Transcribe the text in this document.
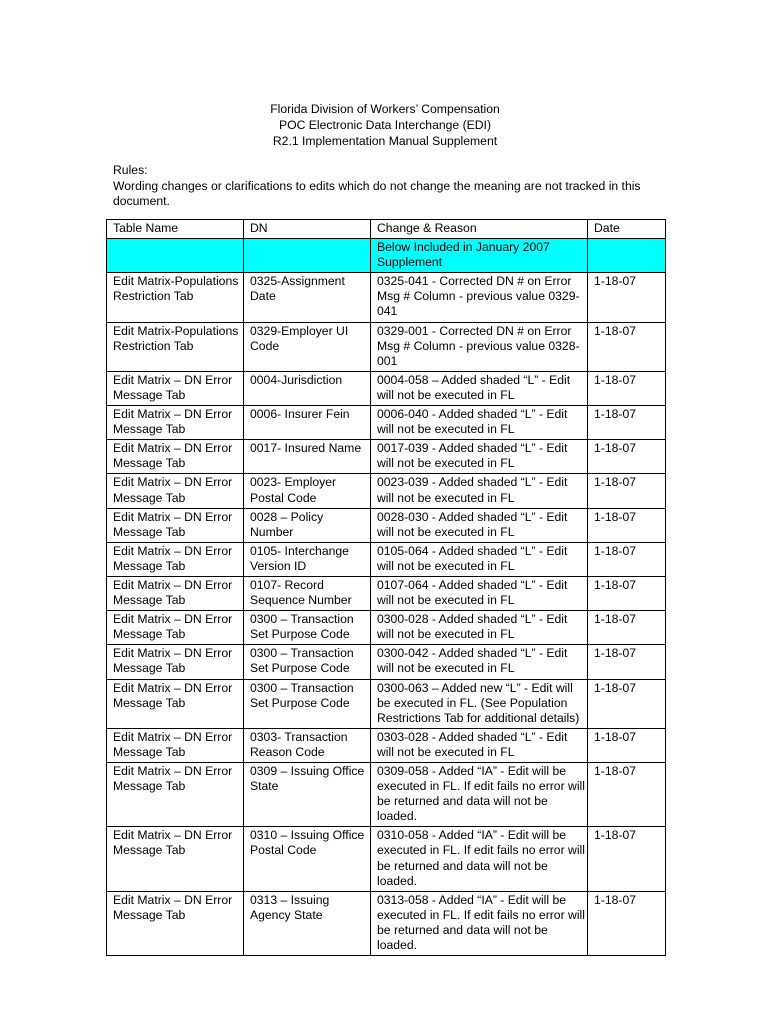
Florida Division of Workers’ Compensation
POC Electronic Data Interchange (EDI)
R2.1 Implementation Manual Supplement
Rules:
Wording changes or clarifications to edits which do not change the meaning are not tracked in this document.
Table Name	DN	Change & Reason	Date
		Below Included in January 2007 Supplement	
Edit Matrix-Populations Restriction Tab	0325-Assignment Date	0325-041 - Corrected DN # on Error Msg # Column - previous value 0329-041	1-18-07
Edit Matrix-Populations Restriction Tab	0329-Employer UI Code	0329-001 - Corrected DN # on Error Msg # Column - previous value 0328-001	1-18-07
Edit Matrix – DN Error Message Tab	0004-Jurisdiction	0004-058 – Added shaded “L” - Edit will not be executed in FL	1-18-07
Edit Matrix – DN Error Message Tab	0006- Insurer Fein	0006-040 - Added shaded “L” - Edit will not be executed in FL	1-18-07
Edit Matrix – DN Error Message Tab	0017- Insured Name	0017-039 - Added shaded “L” - Edit will not be executed in FL	1-18-07
Edit Matrix – DN Error Message Tab	0023- Employer Postal Code	0023-039 - Added shaded “L” - Edit will not be executed in FL	1-18-07
Edit Matrix – DN Error Message Tab	0028 – Policy Number	0028-030 - Added shaded “L” - Edit will not be executed in FL	1-18-07
Edit Matrix – DN Error Message Tab	0105- Interchange Version ID	0105-064 - Added shaded “L” - Edit will not be executed in FL	1-18-07
Edit Matrix – DN Error Message Tab	0107- Record Sequence Number	0107-064 - Added shaded “L” - Edit will not be executed in FL	1-18-07
Edit Matrix – DN Error Message Tab	0300 – Transaction Set Purpose Code	0300-028 - Added shaded “L” - Edit will not be executed in FL	1-18-07
Edit Matrix – DN Error Message Tab	0300 – Transaction Set Purpose Code	0300-042 - Added shaded “L” - Edit will not be executed in FL	1-18-07
Edit Matrix – DN Error Message Tab	0300 – Transaction Set Purpose Code	0300-063 – Added new “L” - Edit will be executed in FL. (See Population Restrictions Tab for additional details)	1-18-07
Edit Matrix – DN Error Message Tab	0303- Transaction Reason Code	0303-028 - Added shaded “L” - Edit will not be executed in FL	1-18-07
Edit Matrix – DN Error Message Tab	0309 – Issuing Office State	0309-058 - Added “IA” - Edit will be executed in FL. If edit fails no error will be returned and data will not be loaded.	1-18-07
Edit Matrix – DN Error Message Tab	0310 – Issuing Office Postal Code	0310-058 - Added “IA” - Edit will be executed in FL. If edit fails no error will be returned and data will not be loaded.	1-18-07
Edit Matrix – DN Error Message Tab	0313 – Issuing Agency State	0313-058 - Added “IA” - Edit will be executed in FL. If edit fails no error will be returned and data will not be loaded.	1-18-07
